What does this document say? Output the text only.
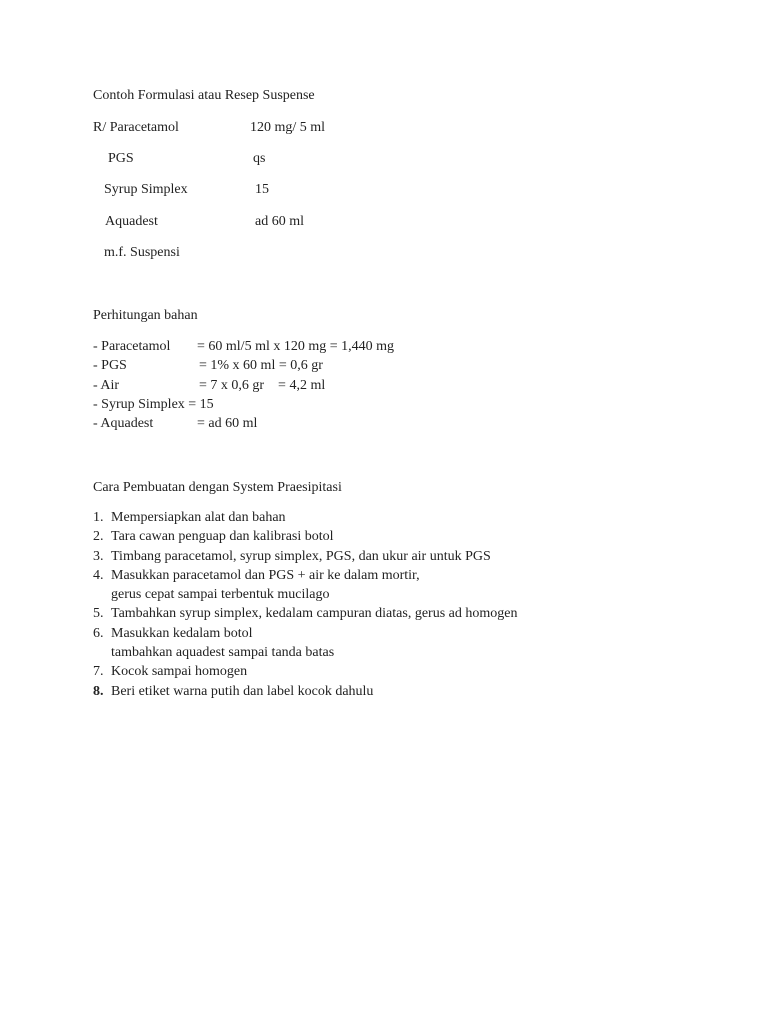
Contoh Formulasi atau Resep Suspense
R/ Paracetamol	120 mg/ 5 ml
PGS	qs
Syrup Simplex	15
Aquadest	ad 60 ml
m.f. Suspensi
Perhitungan bahan
- Paracetamol = 60 ml/5 ml x 120 mg = 1,440 mg
- PGS	= 1% x 60 ml = 0,6 gr
- Air	= 7 x 0,6 gr    = 4,2 ml
- Syrup Simplex = 15
- Aquadest	= ad 60 ml
Cara Pembuatan dengan System Praesipitasi
1. Mempersiapkan alat dan bahan
2. Tara cawan penguap dan kalibrasi botol
3. Timbang paracetamol, syrup simplex, PGS, dan ukur air untuk PGS
4. Masukkan paracetamol dan PGS + air ke dalam mortir,
gerus cepat sampai terbentuk mucilago
5. Tambahkan syrup simplex, kedalam campuran diatas, gerus ad homogen
6. Masukkan kedalam botol
tambahkan aquadest sampai tanda batas
7. Kocok sampai homogen
8. Beri etiket warna putih dan label kocok dahulu
